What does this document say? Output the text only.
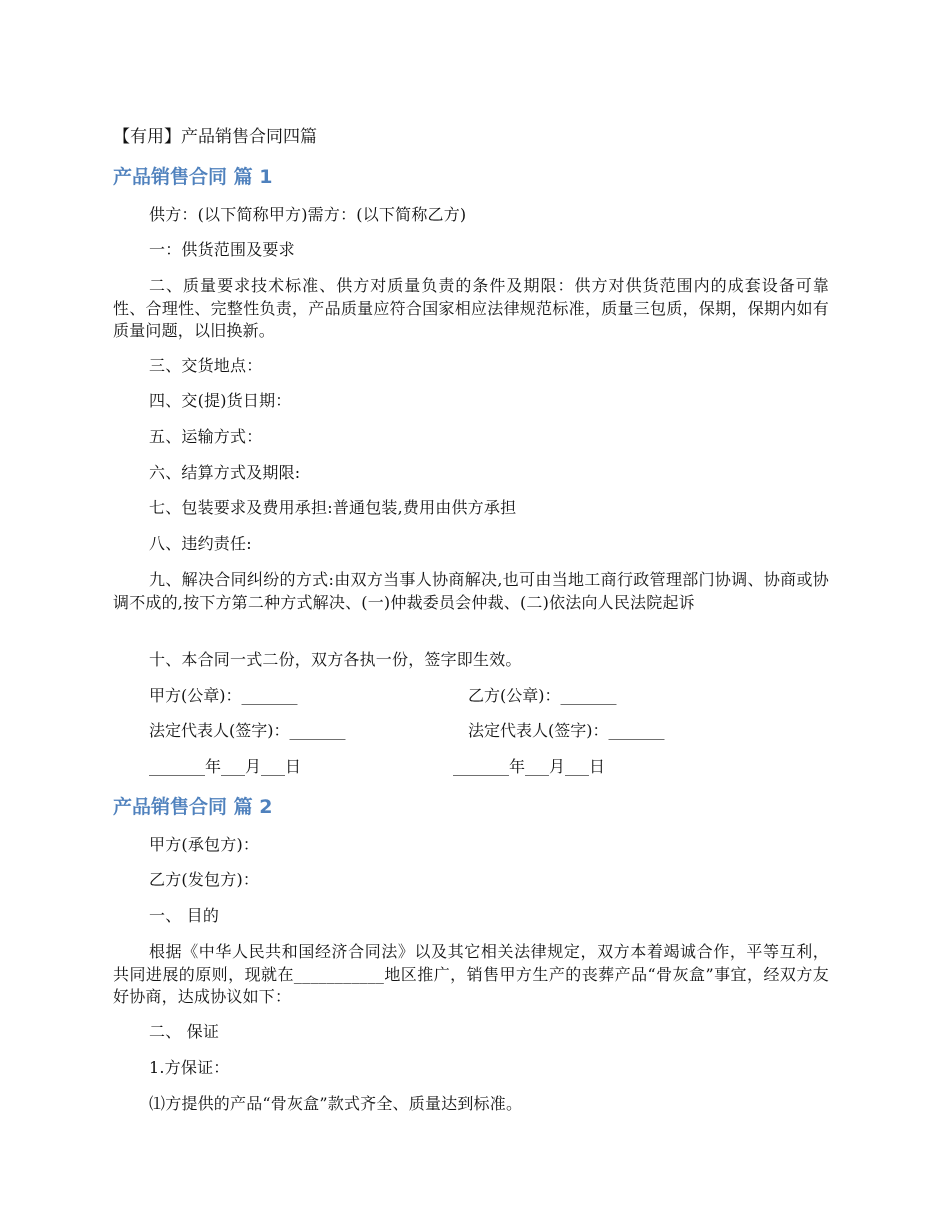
【有用】产品销售合同四篇
产品销售合同 篇 1
供方：(以下简称甲方)需方：(以下简称乙方)
一：供货范围及要求
二、质量要求技术标准、供方对质量负责的条件及期限：供方对供货范围内的成套设备可靠性、合理性、完整性负责，产品质量应符合国家相应法律规范标准，质量三包质，保期，保期内如有质量问题，以旧换新。
三、交货地点：
四、交(提)货日期：
五、运输方式：
六、结算方式及期限:
七、包装要求及费用承担:普通包装,费用由供方承担
八、违约责任:
九、解决合同纠纷的方式:由双方当事人协商解决,也可由当地工商行政管理部门协调、协商或协调不成的,按下方第二种方式解决、(一)仲裁委员会仲裁、(二)依法向人民法院起诉
十、本合同一式二份，双方各执一份，签字即生效。
甲方(公章)：_______	乙方(公章)：_______
法定代表人(签字)：_______	法定代表人(签字)：_______
_______年___月___日	_______年___月___日
产品销售合同 篇 2
甲方(承包方)：
乙方(发包方)：
一、 目的
根据《中华人民共和国经济合同法》以及其它相关法律规定，双方本着竭诚合作，平等互利，共同进展的原则，现就在___________地区推广，销售甲方生产的丧葬产品“骨灰盒”事宜，经双方友好协商，达成协议如下：
二、 保证
1.方保证：
⑴方提供的产品“骨灰盒”款式齐全、质量达到标准。
